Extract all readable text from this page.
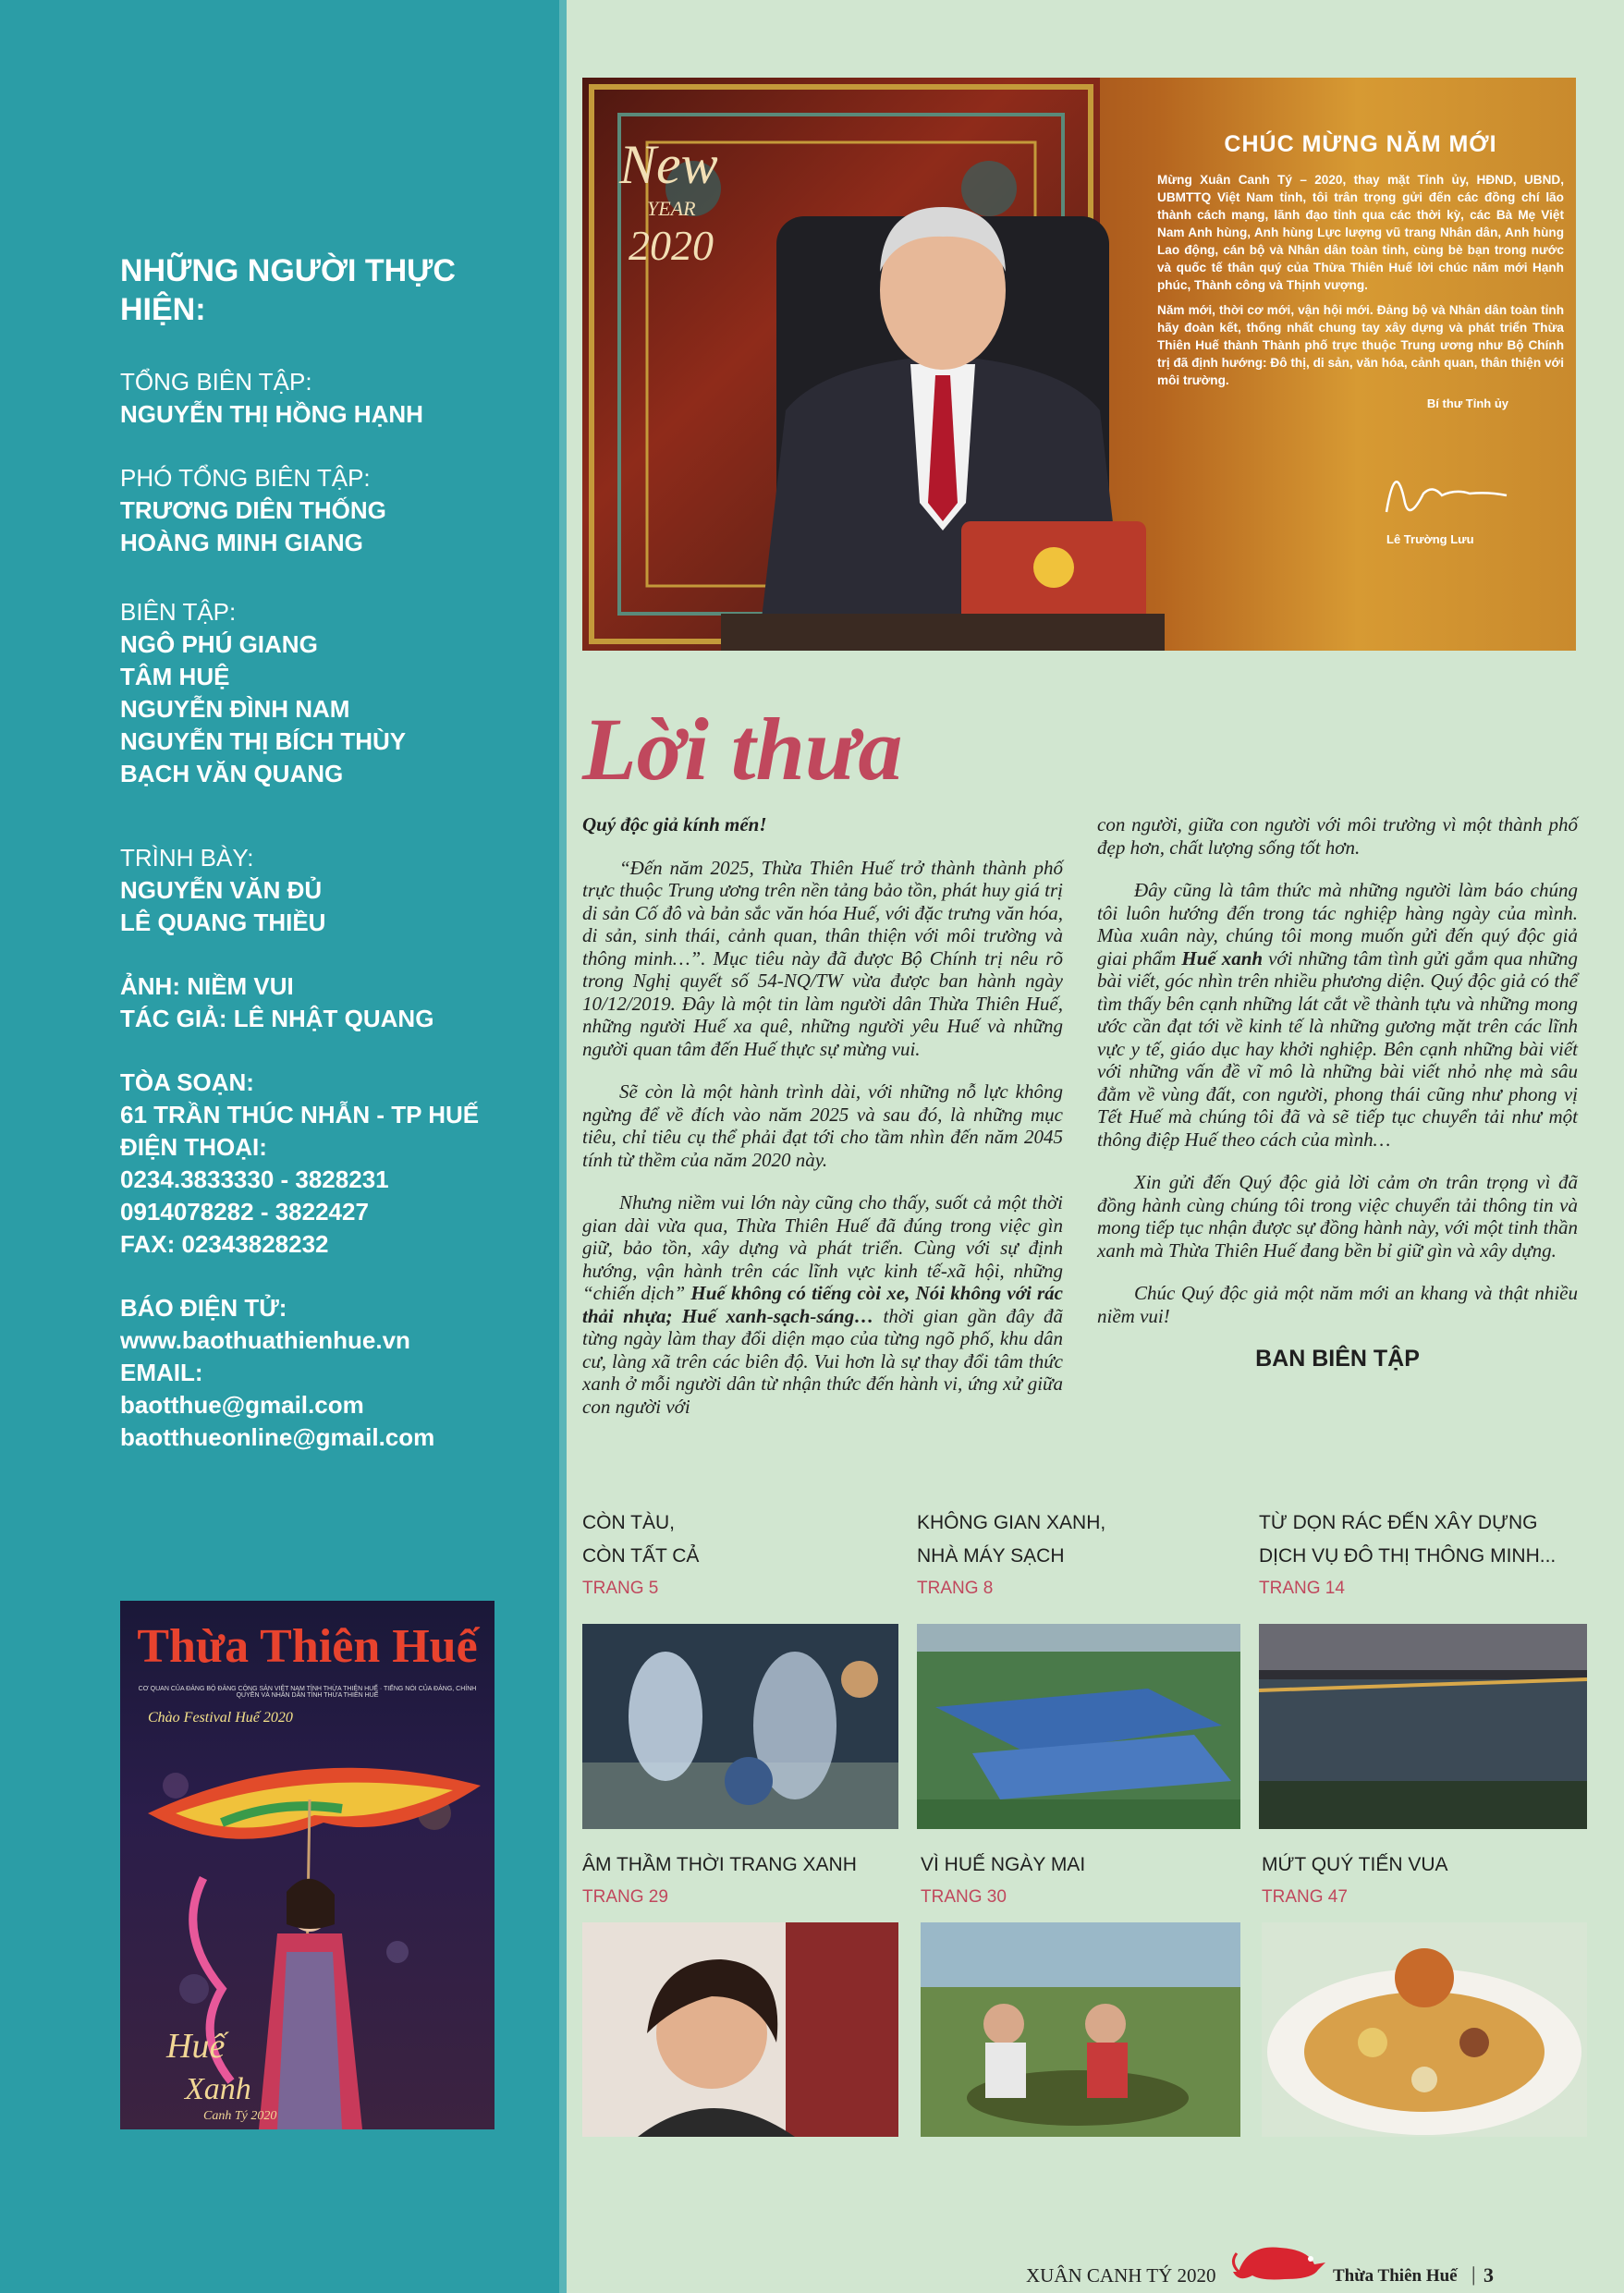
NHỮNG NGƯỜI THỰC HIỆN:
TỔNG BIÊN TẬP:
NGUYỄN THỊ HỒNG HẠNH
PHÓ TỔNG BIÊN TẬP:
TRƯƠNG DIÊN THỐNG
HOÀNG MINH GIANG
BIÊN TẬP:
NGÔ PHÚ GIANG
TÂM HUỆ
NGUYỄN ĐÌNH NAM
NGUYỄN THỊ BÍCH THÙY
BẠCH VĂN QUANG
TRÌNH BÀY:
NGUYỄN VĂN ĐỦ
LÊ QUANG THIỀU
ẢNH: NIỀM VUI
TÁC GIẢ: LÊ NHẬT QUANG
TÒA SOẠN:
61 TRẦN THÚC NHẪN - TP HUẾ
ĐIỆN THOẠI:
0234.3833330 - 3828231
0914078282 - 3822427
FAX: 02343828232
BÁO ĐIỆN TỬ:
www.baothuathienhue.vn
EMAIL:
baotthue@gmail.com
baotthueonline@gmail.com
Thừa Thiên Huế
CƠ QUAN CỦA ĐẢNG BỘ ĐẢNG CỘNG SẢN VIỆT NAM TỈNH THỪA THIÊN HUẾ · TIẾNG NÓI CỦA ĐẢNG, CHÍNH QUYỀN VÀ NHÂN DÂN TỈNH THỪA THIÊN HUẾ
Chào Festival Huế 2020
Huế
Xanh
Canh Tý 2020
New
YEAR
2020
CHÚC MỪNG NĂM MỚI

Mừng Xuân Canh Tý – 2020, thay mặt Tỉnh ủy, HĐND, UBND, UBMTTQ Việt Nam tỉnh, tôi trân trọng gửi đến các đồng chí lão thành cách mạng, lãnh đạo tỉnh qua các thời kỳ, các Bà Mẹ Việt Nam Anh hùng, Anh hùng Lực lượng vũ trang Nhân dân, Anh hùng Lao động, cán bộ và Nhân dân toàn tỉnh, cùng bè bạn trong nước và quốc tế thân quý của Thừa Thiên Huế lời chúc năm mới Hạnh phúc, Thành công và Thịnh vượng.

Năm mới, thời cơ mới, vận hội mới. Đảng bộ và Nhân dân toàn tỉnh hãy đoàn kết, thống nhất chung tay xây dựng và phát triển Thừa Thiên Huế thành Thành phố trực thuộc Trung ương như Bộ Chính trị đã định hướng: Đô thị, di sản, văn hóa, cảnh quan, thân thiện với môi trường.

Bí thư Tỉnh ủy
Lê Trường Lưu
Lời thưa

Quý độc giả kính mến!

“Đến năm 2025, Thừa Thiên Huế trở thành thành phố trực thuộc Trung ương trên nền tảng bảo tồn, phát huy giá trị di sản Cố đô và bản sắc văn hóa Huế, với đặc trưng văn hóa, di sản, sinh thái, cảnh quan, thân thiện với môi trường và thông minh…”. Mục tiêu này đã được Bộ Chính trị nêu rõ trong Nghị quyết số 54-NQ/TW vừa được ban hành ngày 10/12/2019. Đây là một tin làm người dân Thừa Thiên Huế, những người Huế xa quê, những người yêu Huế và những người quan tâm đến Huế thực sự mừng vui.

Sẽ còn là một hành trình dài, với những nỗ lực không ngừng để về đích vào năm 2025 và sau đó, là những mục tiêu, chỉ tiêu cụ thể phải đạt tới cho tầm nhìn đến năm 2045 tính từ thềm của năm 2020 này.

Nhưng niềm vui lớn này cũng cho thấy, suốt cả một thời gian dài vừa qua, Thừa Thiên Huế đã đúng trong việc gìn giữ, bảo tồn, xây dựng và phát triển. Cùng với sự định hướng, vận hành trên các lĩnh vực kinh tế-xã hội, những “chiến dịch” Huế không có tiếng còi xe, Nói không với rác thải nhựa; Huế xanh-sạch-sáng… thời gian gần đây đã từng ngày làm thay đổi diện mạo của từng ngõ phố, khu dân cư, làng xã trên các biên độ. Vui hơn là sự thay đổi tâm thức xanh ở mỗi người dân từ nhận thức đến hành vi, ứng xử giữa con người với

con người, giữa con người với môi trường vì một thành phố đẹp hơn, chất lượng sống tốt hơn.

Đây cũng là tâm thức mà những người làm báo chúng tôi luôn hướng đến trong tác nghiệp hàng ngày của mình. Mùa xuân này, chúng tôi mong muốn gửi đến quý độc giả giai phẩm Huế xanh với những tâm tình gửi gắm qua những bài viết, góc nhìn trên nhiều phương diện. Quý độc giả có thể tìm thấy bên cạnh những lát cắt về thành tựu và những mong ước cần đạt tới về kinh tế là những gương mặt trên các lĩnh vực y tế, giáo dục hay khởi nghiệp. Bên cạnh những bài viết với những vấn đề vĩ mô là những bài viết nhỏ nhẹ mà sâu đằm về vùng đất, con người, phong thái cũng như phong vị Tết Huế mà chúng tôi đã và sẽ tiếp tục chuyển tải như một thông điệp Huế theo cách của mình…

Xin gửi đến Quý độc giả lời cảm ơn trân trọng vì đã đồng hành cùng chúng tôi trong việc chuyển tải thông tin và mong tiếp tục nhận được sự đồng hành này, với một tinh thần xanh mà Thừa Thiên Huế đang bền bỉ giữ gìn và xây dựng.

Chúc Quý độc giả một năm mới an khang và thật nhiều niềm vui!

BAN BIÊN TẬP
CÒN TÀU,
CÒN TẤT CẢ
TRANG 5
KHÔNG GIAN XANH,
NHÀ MÁY SẠCH
TRANG 8
TỪ DỌN RÁC ĐẾN XÂY DỰNG
DỊCH VỤ ĐÔ THỊ THÔNG MINH...
TRANG 14
ÂM THẦM THỜI TRANG XANH
TRANG 29
VÌ HUẾ NGÀY MAI
TRANG 30
MỨT QUÝ TIẾN VUA
TRANG 47
XUÂN CANH TÝ 2020	Thừa Thiên Huế | 3
